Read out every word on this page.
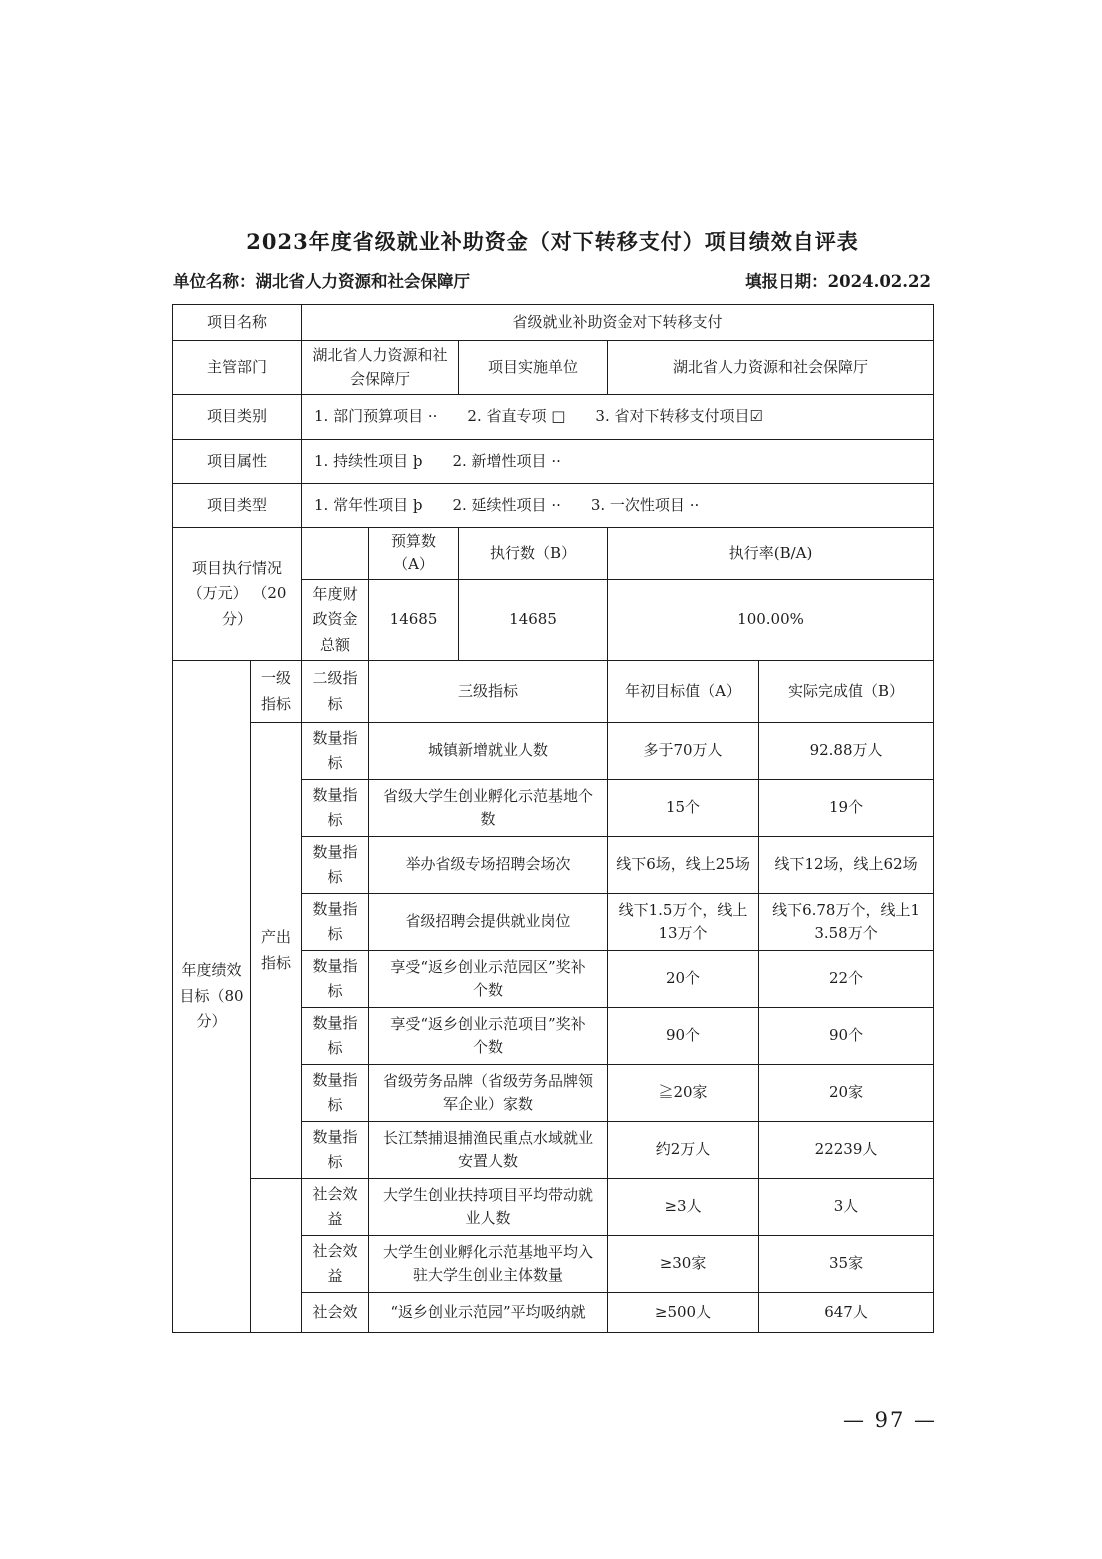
2023年度省级就业补助资金（对下转移支付）项目绩效自评表
单位名称：湖北省人力资源和社会保障厅	填报日期：2024.02.22
项目名称		省级就业补助资金对下转移支付				
主管部门		湖北省人力资源和社会保障厅		项目实施单位	湖北省人力资源和社会保障厅	
项目类别		1. 部门预算项目 ··　　2. 省直专项 □　　3. 省对下转移支付项目☑				
项目属性		1. 持续性项目 þ　　2. 新增性项目 ··				
项目类型		1. 常年性项目 þ　　2. 延续性项目 ··　　3. 一次性项目 ··				
项目执行情况 （万元） （20分）			预算数（A）	执行数（B）	执行率(B/A)	
		年度财政资金总额	14685	14685	100.00%	
年度绩效 目标（80分）	一级指标	二级指标	三级指标		年初目标值（A）	实际完成值（B）
	产出指标	数量指标	城镇新增就业人数		多于70万人	92.88万人
		数量指标	省级大学生创业孵化示范基地个数		15个	19个
		数量指标	举办省级专场招聘会场次		线下6场，线上25场	线下12场，线上62场
		数量指标	省级招聘会提供就业岗位		线下1.5万个，线上13万个	线下6.78万个，线上13.58万个
		数量指标	享受“返乡创业示范园区”奖补个数		20个	22个
		数量指标	享受“返乡创业示范项目”奖补个数		90个	90个
		数量指标	省级劳务品牌（省级劳务品牌领军企业）家数		≧20家	20家
		数量指标	长江禁捕退捕渔民重点水域就业安置人数		约2万人	22239人
		社会效益	大学生创业扶持项目平均带动就业人数		≥3人	3人
		社会效益	大学生创业孵化示范基地平均入驻大学生创业主体数量		≥30家	35家
		社会效	“返乡创业示范园”平均吸纳就		≥500人	647人
— 97 —
